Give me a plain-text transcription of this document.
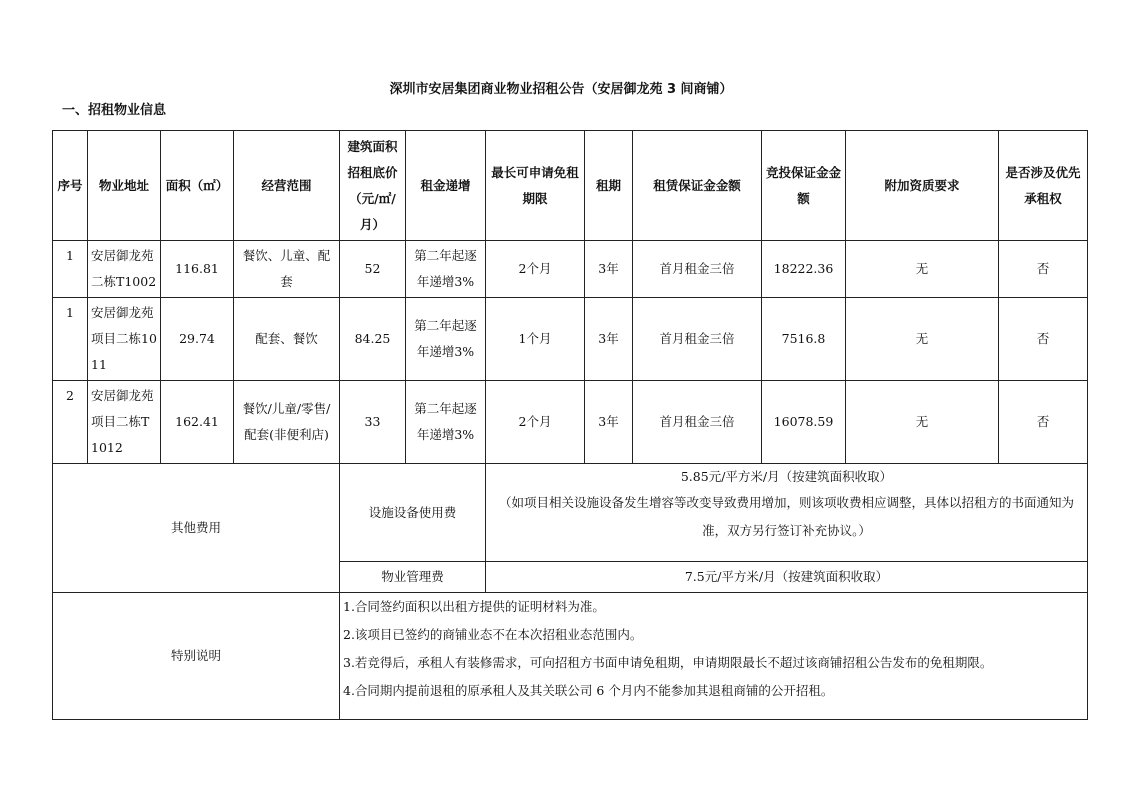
深圳市安居集团商业物业招租公告（安居御龙苑 3 间商铺）
一、招租物业信息
序号	物业地址	面积（㎡）	经营范围	建筑面积招租底价（元/㎡/月）	租金递增	最长可申请免租期限	租期	租赁保证金金额	竞投保证金金额	附加资质要求	是否涉及优先承租权
1	安居御龙苑二栋T1002	116.81	餐饮、儿童、配套	52	第二年起逐年递增3%	2个月	3年	首月租金三倍	18222.36	无	否
1	安居御龙苑项目二栋1011	29.74	配套、餐饮	84.25	第二年起逐年递增3%	1个月	3年	首月租金三倍	7516.8	无	否
2	安居御龙苑项目二栋T1012	162.41	餐饮/儿童/零售/配套(非便利店)	33	第二年起逐年递增3%	2个月	3年	首月租金三倍	16078.59	无	否
其他费用				设施设备使用费		5.85元/平方米/月（按建筑面积收取）
（如项目相关设施设备发生增容等改变导致费用增加，则该项收费相应调整，具体以招租方的书面通知为准，双方另行签订补充协议。）					

				物业管理费		7.5元/平方米/月（按建筑面积收取）					
特别说明				1.合同签约面积以出租方提供的证明材料为准。
2.该项目已签约的商铺业态不在本次招租业态范围内。
3.若竞得后，承租人有装修需求，可向招租方书面申请免租期，申请期限最长不超过该商铺招租公告发布的免租期限。
4.合同期内提前退租的原承租人及其关联公司 6 个月内不能参加其退租商铺的公开招租。							
